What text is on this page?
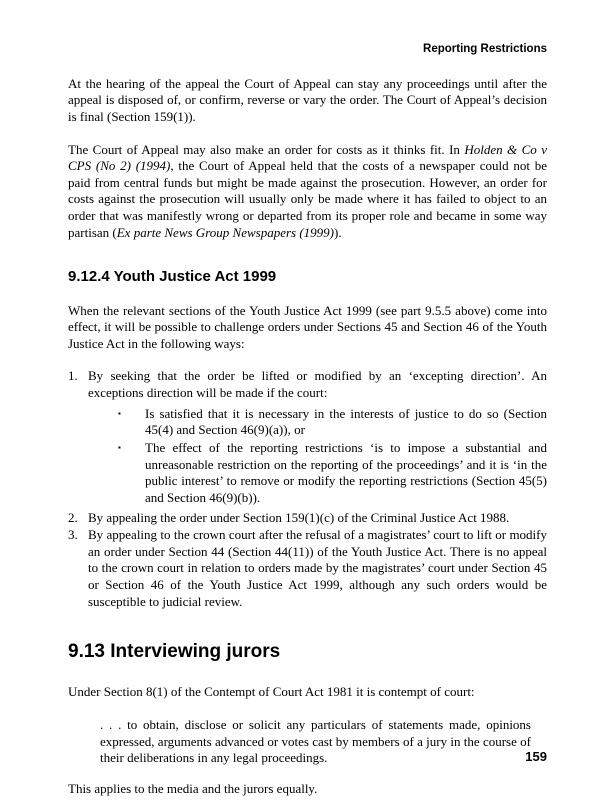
Reporting Restrictions

At the hearing of the appeal the Court of Appeal can stay any proceedings until after the appeal is disposed of, or confirm, reverse or vary the order. The Court of Appeal’s decision is final (Section 159(1)).

The Court of Appeal may also make an order for costs as it thinks fit. In Holden & Co v CPS (No 2) (1994), the Court of Appeal held that the costs of a newspaper could not be paid from central funds but might be made against the prosecution. However, an order for costs against the prosecution will usually only be made where it has failed to object to an order that was manifestly wrong or departed from its proper role and became in some way partisan (Ex parte News Group Newspapers (1999)).

9.12.4 Youth Justice Act 1999

When the relevant sections of the Youth Justice Act 1999 (see part 9.5.5 above) come into effect, it will be possible to challenge orders under Sections 45 and Section 46 of the Youth Justice Act in the following ways:

1. By seeking that the order be lifted or modified by an ‘excepting direction’. An exceptions direction will be made if the court:
▪	Is satisfied that it is necessary in the interests of justice to do so (Section 45(4) and Section 46(9)(a)), or
▪	The effect of the reporting restrictions ‘is to impose a substantial and unreasonable restriction on the reporting of the proceedings’ and it is ‘in the public interest’ to remove or modify the reporting restrictions (Section 45(5) and Section 46(9)(b)).
2. By appealing the order under Section 159(1)(c) of the Criminal Justice Act 1988.
3. By appealing to the crown court after the refusal of a magistrates’ court to lift or modify an order under Section 44 (Section 44(11)) of the Youth Justice Act. There is no appeal to the crown court in relation to orders made by the magistrates’ court under Section 45 or Section 46 of the Youth Justice Act 1999, although any such orders would be susceptible to judicial review.
9.13 Interviewing jurors

Under Section 8(1) of the Contempt of Court Act 1981 it is contempt of court:

. . . to obtain, disclose or solicit any particulars of statements made, opinions expressed, arguments advanced or votes cast by members of a jury in the course of their deliberations in any legal proceedings.

This applies to the media and the jurors equally.

159
